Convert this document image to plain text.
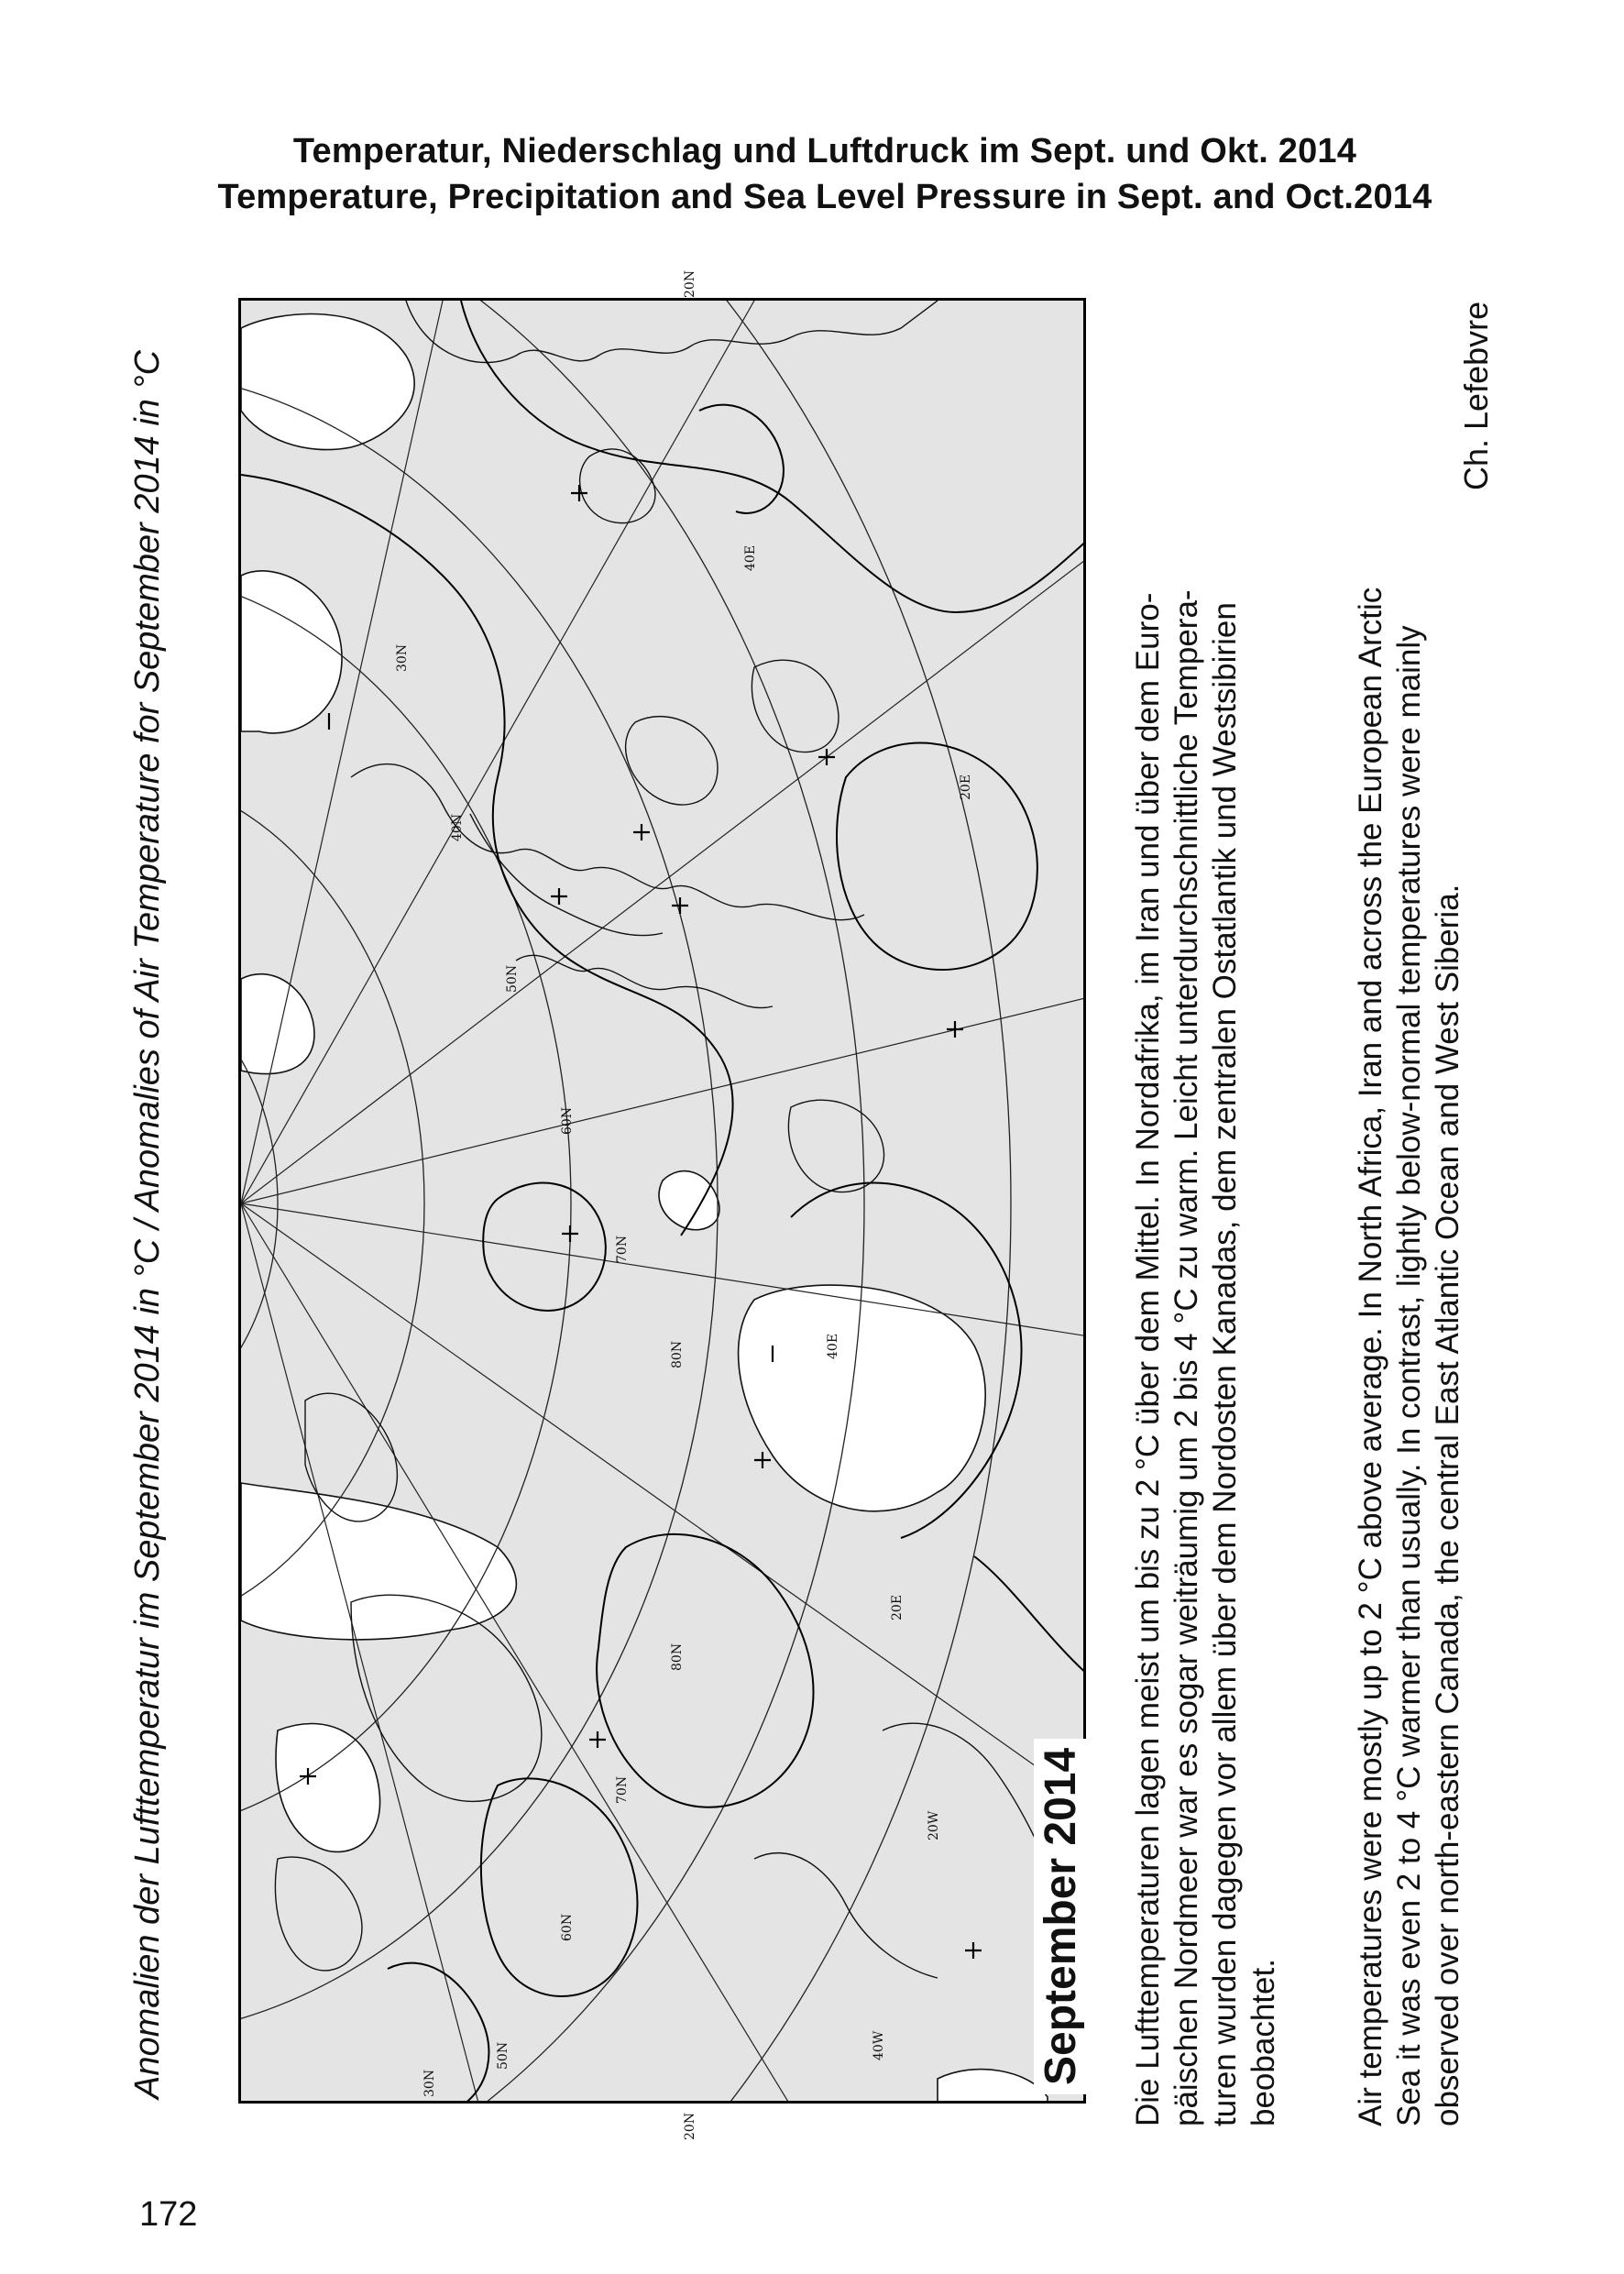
Temperatur, Niederschlag und Luftdruck im Sept. und Okt. 2014
Temperature, Precipitation and Sea Level Pressure in Sept. and Oct.2014
Anomalien der Lufttemperatur im September 2014 in °C / Anomalies of Air Temperature for September 2014 in °C
20N
20N
30N
40N
50N
60N
70N
80N
80N
70N
60N
50N
30N
40E
20E
40E
20E
20W
40W	September 2014 Die Lufttemperaturen lagen meist um bis zu 2 °C über dem Mittel. In Nordafrika, im Iran und über dem Euro- päischen Nordmeer war es sogar weiträumig um 2 bis 4 °C zu warm. Leicht unterdurchschnittliche Tempera- turen wurden dagegen vor allem über dem Nordosten Kanadas, dem zentralen Ostatlantik und Westsibirien beobachtet. Air temperatures were mostly up to 2 °C above average. In North Africa, Iran and across the European Arctic Sea it was even 2 to 4 °C warmer than usually. In contrast, lightly below-normal temperatures were mainly observed over north-eastern Canada, the central East Atlantic Ocean and West Siberia.
Ch. Lefebvre
172
